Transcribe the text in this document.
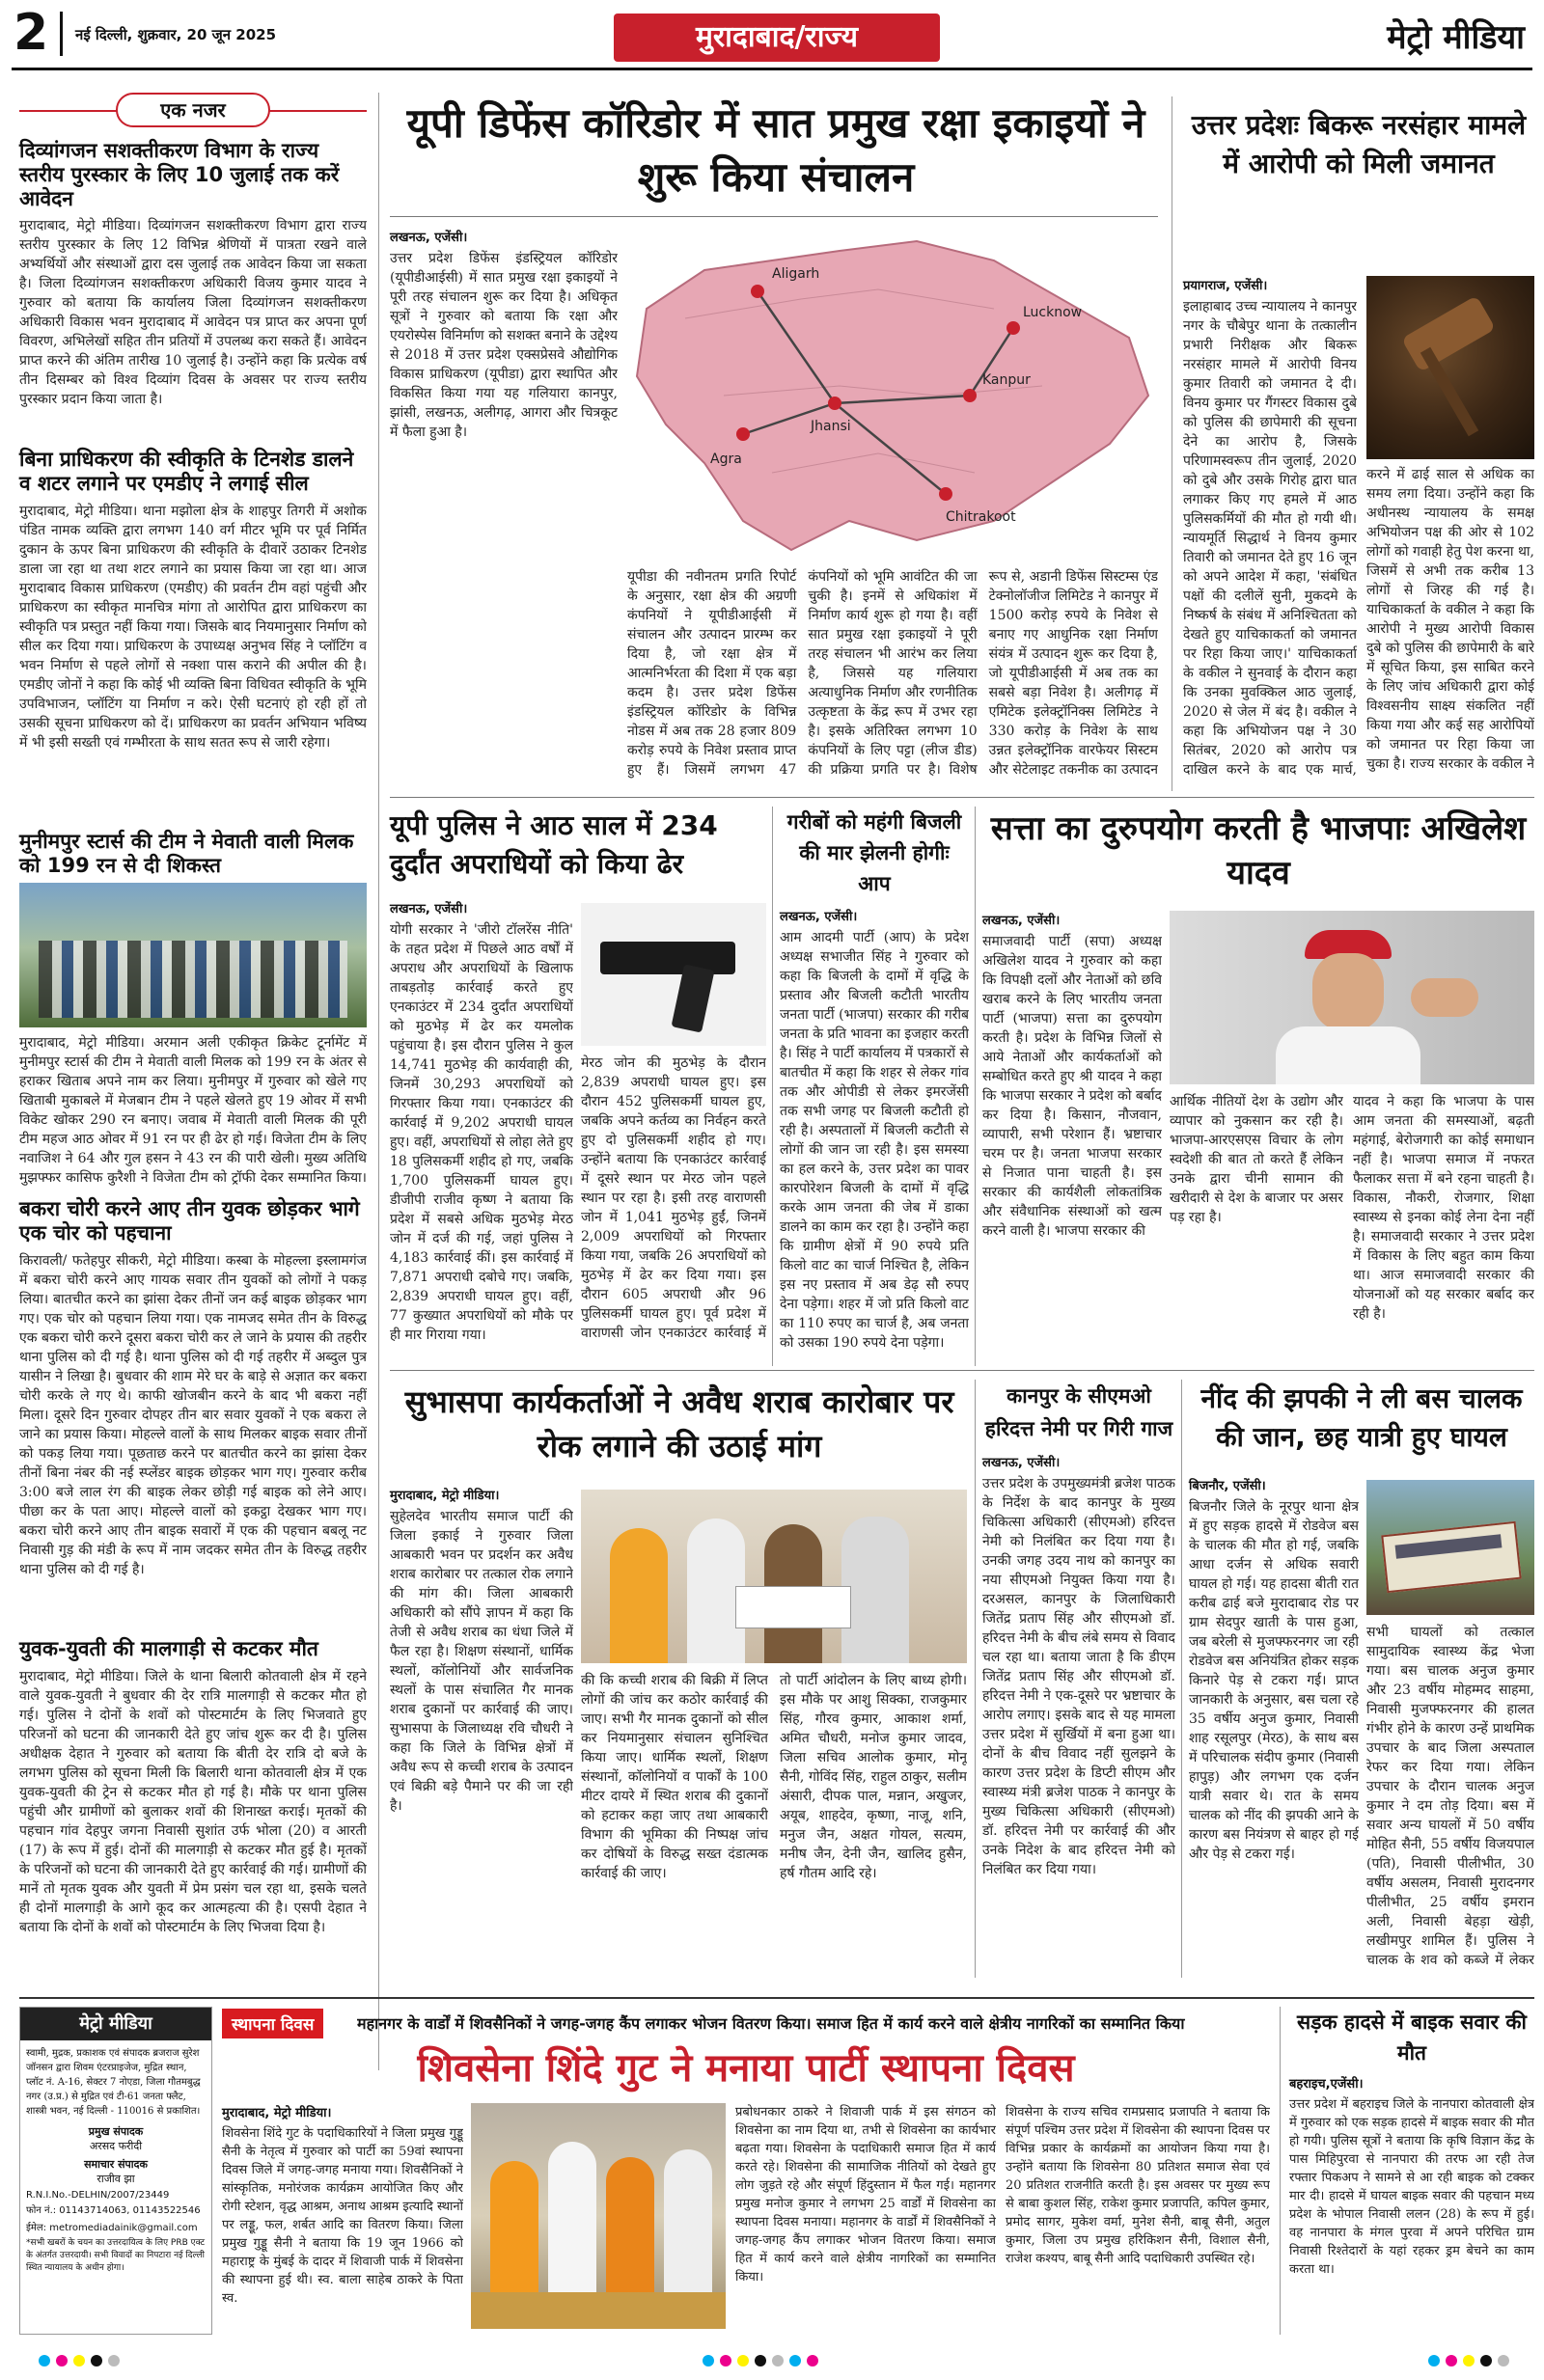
2 नई दिल्ली, शुक्रवार, 20 जून 2025	मुरादाबाद/राज्य	मेट्रो मीडिया
एक नजर
दिव्यांगजन सशक्तीकरण विभाग के राज्य स्तरीय पुरस्कार के लिए 10 जुलाई तक करें आवेदन
मुरादाबाद, मेट्रो मीडिया। दिव्यांगजन सशक्तीकरण विभाग द्वारा राज्य स्तरीय पुरस्कार के लिए 12 विभिन्न श्रेणियों में पात्रता रखने वाले अभ्यर्थियों और संस्थाओं द्वारा दस जुलाई तक आवेदन किया जा सकता है। जिला दिव्यांगजन सशक्तीकरण अधिकारी विजय कुमार यादव ने गुरुवार को बताया कि कार्यालय जिला दिव्यांगजन सशक्तीकरण अधिकारी विकास भवन मुरादाबाद में आवेदन पत्र प्राप्त कर अपना पूर्ण विवरण, अभिलेखों सहित तीन प्रतियों में उपलब्ध करा सकते हैं। आवेदन प्राप्त करने की अंतिम तारीख 10 जुलाई है। उन्होंने कहा कि प्रत्येक वर्ष तीन दिसम्बर को विश्व दिव्यांग दिवस के अवसर पर राज्य स्तरीय पुरस्कार प्रदान किया जाता है।
बिना प्राधिकरण की स्वीकृति के टिनशेड डालने व शटर लगाने पर एमडीए ने लगाई सील
मुरादाबाद, मेट्रो मीडिया। थाना मझोला क्षेत्र के शाहपुर तिगरी में अशोक पंडित नामक व्यक्ति द्वारा लगभग 140 वर्ग मीटर भूमि पर पूर्व निर्मित दुकान के ऊपर बिना प्राधिकरण की स्वीकृति के दीवारें उठाकर टिनशेड डाला जा रहा था तथा शटर लगाने का प्रयास किया जा रहा था। आज मुरादाबाद विकास प्राधिकरण (एमडीए) की प्रवर्तन टीम वहां पहुंची और प्राधिकरण का स्वीकृत मानचित्र मांगा तो आरोपित द्वारा प्राधिकरण का स्वीकृति पत्र प्रस्तुत नहीं किया गया। जिसके बाद नियमानुसार निर्माण को सील कर दिया गया। प्राधिकरण के उपाध्यक्ष अनुभव सिंह ने प्लॉटिंग व भवन निर्माण से पहले लोगों से नक्शा पास कराने की अपील की है। एमडीए जोनों ने कहा कि कोई भी व्यक्ति बिना विधिवत स्वीकृति के भूमि उपविभाजन, प्लॉटिंग या निर्माण न करे। ऐसी घटनाएं हो रही हों तो उसकी सूचना प्राधिकरण को दें। प्राधिकरण का प्रवर्तन अभियान भविष्य में भी इसी सख्ती एवं गम्भीरता के साथ सतत रूप से जारी रहेगा।
मुनीमपुर स्टार्स की टीम ने मेवाती वाली मिलक को 199 रन से दी शिकस्त
मुरादाबाद, मेट्रो मीडिया। अरमान अली एकीकृत क्रिकेट टूर्नामेंट में मुनीमपुर स्टार्स की टीम ने मेवाती वाली मिलक को 199 रन के अंतर से हराकर खिताब अपने नाम कर लिया। मुनीमपुर में गुरुवार को खेले गए खिताबी मुकाबले में मेजबान टीम ने पहले खेलते हुए 19 ओवर में सभी विकेट खोकर 290 रन बनाए। जवाब में मेवाती वाली मिलक की पूरी टीम महज आठ ओवर में 91 रन पर ही ढेर हो गई। विजेता टीम के लिए नवाजिश ने 64 और गुल हसन ने 43 रन की पारी खेली। मुख्य अतिथि मुझफ्फर कासिफ कुरैशी ने विजेता टीम को ट्रॉफी देकर सम्मानित किया।
बकरा चोरी करने आए तीन युवक छोड़कर भागे एक चोर को पहचाना
किरावली/ फतेहपुर सीकरी, मेट्रो मीडिया। कस्बा के मोहल्ला इस्लामगंज में बकरा चोरी करने आए गायक सवार तीन युवकों को लोगों ने पकड़ लिया। बातचीत करने का झांसा देकर तीनों जन कई बाइक छोड़कर भाग गए। एक चोर को पहचान लिया गया। एक नामजद समेत तीन के विरुद्ध एक बकरा चोरी करने दूसरा बकरा चोरी कर ले जाने के प्रयास की तहरीर थाना पुलिस को दी गई है। थाना पुलिस को दी गई तहरीर में अब्दुल पुत्र यासीन ने लिखा है। बुधवार की शाम मेरे घर के बाड़े से अज्ञात कर बकरा चोरी करके ले गए थे। काफी खोजबीन करने के बाद भी बकरा नहीं मिला। दूसरे दिन गुरुवार दोपहर तीन बार सवार युवकों ने एक बकरा ले जाने का प्रयास किया। मोहल्ले वालों के साथ मिलकर बाइक सवार तीनों को पकड़ लिया गया। पूछताछ करने पर बातचीत करने का झांसा देकर तीनों बिना नंबर की नई स्प्लेंडर बाइक छोड़कर भाग गए। गुरुवार करीब 3:00 बजे लाल रंग की बाइक लेकर छोड़ी गई बाइक को लेने आए। पीछा कर के पता आए। मोहल्ले वालों को इकट्ठा देखकर भाग गए। बकरा चोरी करने आए तीन बाइक सवारों में एक की पहचान बबलू नट निवासी गुड़ की मंडी के रूप में नाम जदकर समेत तीन के विरुद्ध तहरीर थाना पुलिस को दी गई है।
युवक-युवती की मालगाड़ी से कटकर मौत
मुरादाबाद, मेट्रो मीडिया। जिले के थाना बिलारी कोतवाली क्षेत्र में रहने वाले युवक-युवती ने बुधवार की देर रात्रि मालगाड़ी से कटकर मौत हो गई। पुलिस ने दोनों के शवों को पोस्टमार्टम के लिए भिजवाते हुए परिजनों को घटना की जानकारी देते हुए जांच शुरू कर दी है। पुलिस अधीक्षक देहात ने गुरुवार को बताया कि बीती देर रात्रि दो बजे के लगभग पुलिस को सूचना मिली कि बिलारी थाना कोतवाली क्षेत्र में एक युवक-युवती की ट्रेन से कटकर मौत हो गई है। मौके पर थाना पुलिस पहुंची और ग्रामीणों को बुलाकर शवों की शिनाख्त कराई। मृतकों की पहचान गांव देहपुर जगना निवासी सुशांत उर्फ भोला (20) व आरती (17) के रूप में हुई। दोनों की मालगाड़ी से कटकर मौत हुई है। मृतकों के परिजनों को घटना की जानकारी देते हुए कार्रवाई की गई। ग्रामीणों की मानें तो मृतक युवक और युवती में प्रेम प्रसंग चल रहा था, इसके चलते ही दोनों मालगाड़ी के आगे कूद कर आत्महत्या की है। एसपी देहात ने बताया कि दोनों के शवों को पोस्टमार्टम के लिए भिजवा दिया है।
यूपी डिफेंस कॉरिडोर में सात प्रमुख रक्षा इकाइयों ने शुरू किया संचालन
लखनऊ, एजेंसी।
उत्तर प्रदेश डिफेंस इंडस्ट्रियल कॉरिडोर (यूपीडीआईसी) में सात प्रमुख रक्षा इकाइयों ने पूरी तरह संचालन शुरू कर दिया है। अधिकृत सूत्रों ने गुरुवार को बताया कि रक्षा और एयरोस्पेस विनिर्माण को सशक्त बनाने के उद्देश्य से 2018 में उत्तर प्रदेश एक्सप्रेसवे औद्योगिक विकास प्राधिकरण (यूपीडा) द्वारा स्थापित और विकसित किया गया यह गलियारा कानपुर, झांसी, लखनऊ, अलीगढ़, आगरा और चित्रकूट में फैला हुआ है।
Aligarh
Lucknow
Kanpur
Agra
Jhansi
Chitrakoot
यूपीडा की नवीनतम प्रगति रिपोर्ट के अनुसार, रक्षा क्षेत्र की अग्रणी कंपनियों ने यूपीडीआईसी में संचालन और उत्पादन प्रारम्भ कर दिया है, जो रक्षा क्षेत्र में आत्मनिर्भरता की दिशा में एक बड़ा कदम है। उत्तर प्रदेश डिफेंस इंडस्ट्रियल कॉरिडोर के विभिन्न नोडस में अब तक 28 हजार 809 करोड़ रुपये के निवेश प्रस्ताव प्राप्त हुए हैं। जिसमें लगभग 47 कंपनियों को भूमि आवंटित की जा चुकी है। इनमें से अधिकांश में निर्माण कार्य शुरू हो गया है। वहीं सात प्रमुख रक्षा इकाइयों ने पूरी तरह संचालन भी आरंभ कर लिया है, जिससे यह गलियारा अत्याधुनिक निर्माण और रणनीतिक उत्कृष्टता के केंद्र रूप में उभर रहा है। इसके अतिरिक्त लगभग 10 कंपनियों के लिए पट्टा (लीज डीड) की प्रक्रिया प्रगति पर है। विशेष रूप से, अडानी डिफेंस सिस्टम्स एंड टेक्नोलॉजीज लिमिटेड ने कानपुर में 1500 करोड़ रुपये के निवेश से बनाए गए आधुनिक रक्षा निर्माण संयंत्र में उत्पादन शुरू कर दिया है, जो यूपीडीआईसी में अब तक का सबसे बड़ा निवेश है। अलीगढ़ में एमिटेक इलेक्ट्रॉनिक्स लिमिटेड ने 330 करोड़ के निवेश के साथ उन्नत इलेक्ट्रॉनिक वारफेयर सिस्टम और सेटेलाइट तकनीक का उत्पादन
उत्तर प्रदेशः बिकरू नरसंहार मामले में आरोपी को मिली जमानत
प्रयागराज, एजेंसी।
इलाहाबाद उच्च न्यायालय ने कानपुर नगर के चौबेपुर थाना के तत्कालीन प्रभारी निरीक्षक और बिकरू नरसंहार मामले में आरोपी विनय कुमार तिवारी को जमानत दे दी। विनय कुमार पर गैंगस्टर विकास दुबे को पुलिस की छापेमारी की सूचना देने का आरोप है, जिसके परिणामस्वरूप तीन जुलाई, 2020 को दुबे और उसके गिरोह द्वारा घात लगाकर किए गए हमले में आठ पुलिसकर्मियों की मौत हो गयी थी। न्यायमूर्ति सिद्धार्थ ने विनय कुमार तिवारी को जमानत देते हुए 16 जून को अपने आदेश में कहा, 'संबंधित पक्षों की दलीलें सुनी, मुकदमे के निष्कर्ष के संबंध में अनिश्चितता को देखते हुए याचिकाकर्ता को जमानत पर रिहा किया जाए।' याचिकाकर्ता के वकील ने सुनवाई के दौरान कहा कि उनका मुवक्किल आठ जुलाई, 2020 से जेल में बंद है। वकील ने कहा कि अभियोजन पक्ष ने 30 सितंबर, 2020 को आरोप पत्र दाखिल करने के बाद एक मार्च,
करने में ढाई साल से अधिक का समय लगा दिया। उन्होंने कहा कि अधीनस्थ न्यायालय के समक्ष अभियोजन पक्ष की ओर से 102 लोगों को गवाही हेतु पेश करना था, जिसमें से अभी तक करीब 13 लोगों से जिरह की गई है। याचिकाकर्ता के वकील ने कहा कि आरोपी ने मुख्य आरोपी विकास दुबे को पुलिस की छापेमारी के बारे में सूचित किया, इस साबित करने के लिए जांच अधिकारी द्वारा कोई विश्वसनीय साक्ष्य संकलित नहीं किया गया और कई सह आरोपियों को जमानत पर रिहा किया जा चुका है। राज्य सरकार के वकील ने
यूपी पुलिस ने आठ साल में 234 दुर्दांत अपराधियों को किया ढेर
लखनऊ, एजेंसी।
योगी सरकार ने 'जीरो टॉलरेंस नीति' के तहत प्रदेश में पिछले आठ वर्षों में अपराध और अपराधियों के खिलाफ ताबड़तोड़ कार्रवाई करते हुए एनकाउंटर में 234 दुर्दांत अपराधियों को मुठभेड़ में ढेर कर यमलोक पहुंचाया है। इस दौरान पुलिस ने कुल 14,741 मुठभेड़ की कार्यवाही की, जिनमें 30,293 अपराधियों को गिरफ्तार किया गया। एनकाउंटर की कार्रवाई में 9,202 अपराधी घायल हुए। वहीं, अपराधियों से लोहा लेते हुए 18 पुलिसकर्मी शहीद हो गए, जबकि 1,700 पुलिसकर्मी घायल हुए। डीजीपी राजीव कृष्ण ने बताया कि प्रदेश में सबसे अधिक मुठभेड़ मेरठ जोन में दर्ज की गई, जहां पुलिस ने 4,183 कार्रवाई कीं। इस कार्रवाई में 7,871 अपराधी दबोचे गए। जबकि, 2,839 अपराधी घायल हुए। वहीं, 77 कुख्यात अपराधियों को मौके पर ही मार गिराया गया।
मेरठ जोन की मुठभेड़ के दौरान 2,839 अपराधी घायल हुए। इस दौरान 452 पुलिसकर्मी घायल हुए, जबकि अपने कर्तव्य का निर्वहन करते हुए दो पुलिसकर्मी शहीद हो गए। उन्होंने बताया कि एनकाउंटर कार्रवाई में दूसरे स्थान पर मेरठ जोन पहले स्थान पर रहा है। इसी तरह वाराणसी जोन में 1,041 मुठभेड़ हुईं, जिनमें 2,009 अपराधियों को गिरफ्तार किया गया, जबकि 26 अपराधियों को मुठभेड़ में ढेर कर दिया गया। इस दौरान 605 अपराधी और 96 पुलिसकर्मी घायल हुए। पूर्व प्रदेश में वाराणसी जोन एनकाउंटर कार्रवाई में
गरीबों को महंगी बिजली की मार झेलनी होगीः आप
लखनऊ, एजेंसी।
आम आदमी पार्टी (आप) के प्रदेश अध्यक्ष सभाजीत सिंह ने गुरुवार को कहा कि बिजली के दामों में वृद्धि के प्रस्ताव और बिजली कटौती भारतीय जनता पार्टी (भाजपा) सरकार की गरीब जनता के प्रति भावना का इजहार करती है। सिंह ने पार्टी कार्यालय में पत्रकारों से बातचीत में कहा कि शहर से लेकर गांव तक और ओपीडी से लेकर इमरजेंसी तक सभी जगह पर बिजली कटौती हो रही है। अस्पतालों में बिजली कटौती से लोगों की जान जा रही है। इस समस्या का हल करने के, उत्तर प्रदेश का पावर कारपोरेशन बिजली के दामों में वृद्धि करके आम जनता की जेब में डाका डालने का काम कर रहा है। उन्होंने कहा कि ग्रामीण क्षेत्रों में 90 रुपये प्रति किलो वाट का चार्ज निश्चित है, लेकिन इस नए प्रस्ताव में अब डेढ़ सौ रुपए देना पड़ेगा। शहर में जो प्रति किलो वाट का 110 रुपए का चार्ज है, अब जनता को उसका 190 रुपये देना पड़ेगा।
सत्ता का दुरुपयोग करती है भाजपाः अखिलेश यादव
लखनऊ, एजेंसी।
समाजवादी पार्टी (सपा) अध्यक्ष अखिलेश यादव ने गुरुवार को कहा कि विपक्षी दलों और नेताओं को छवि खराब करने के लिए भारतीय जनता पार्टी (भाजपा) सत्ता का दुरुपयोग करती है। प्रदेश के विभिन्न जिलों से आये नेताओं और कार्यकर्ताओं को सम्बोधित करते हुए श्री यादव ने कहा कि भाजपा सरकार ने प्रदेश को बर्बाद कर दिया है। किसान, नौजवान, व्यापारी, सभी परेशान हैं। भ्रष्टाचार चरम पर है। जनता भाजपा सरकार से निजात पाना चाहती है। इस सरकार की कार्यशैली लोकतांत्रिक और संवैधानिक संस्थाओं को खत्म करने वाली है। भाजपा सरकार की
आर्थिक नीतियों देश के उद्योग और व्यापार को नुकसान कर रही है। भाजपा-आरएसएस विचार के लोग स्वदेशी की बात तो करते हैं लेकिन उनके द्वारा चीनी सामान की खरीदारी से देश के बाजार पर असर पड़ रहा है।
यादव ने कहा कि भाजपा के पास आम जनता की समस्याओं, बढ़ती महंगाई, बेरोजगारी का कोई समाधान नहीं है। भाजपा समाज में नफरत फैलाकर सत्ता में बने रहना चाहती है। विकास, नौकरी, रोजगार, शिक्षा स्वास्थ्य से इनका कोई लेना देना नहीं है। समाजवादी सरकार ने उत्तर प्रदेश में विकास के लिए बहुत काम किया था। आज समाजवादी सरकार की योजनाओं को यह सरकार बर्बाद कर रही है।
सुभासपा कार्यकर्ताओं ने अवैध शराब कारोबार पर रोक लगाने की उठाई मांग
मुरादाबाद, मेट्रो मीडिया।
सुहेलदेव भारतीय समाज पार्टी की जिला इकाई ने गुरुवार जिला आबकारी भवन पर प्रदर्शन कर अवैध शराब कारोबार पर तत्काल रोक लगाने की मांग की। जिला आबकारी अधिकारी को सौंपे ज्ञापन में कहा कि तेजी से अवैध शराब का धंधा जिले में फैल रहा है। शिक्षण संस्थानों, धार्मिक स्थलों, कॉलोनियों और सार्वजनिक स्थलों के पास संचालित गैर मानक शराब दुकानों पर कार्रवाई की जाए। सुभासपा के जिलाध्यक्ष रवि चौधरी ने कहा कि जिले के विभिन्न क्षेत्रों में अवैध रूप से कच्ची शराब के उत्पादन एवं बिक्री बड़े पैमाने पर की जा रही है।
की कि कच्ची शराब की बिक्री में लिप्त लोगों की जांच कर कठोर कार्रवाई की जाए। सभी गैर मानक दुकानों को सील कर नियमानुसार संचालन सुनिश्चित किया जाए। धार्मिक स्थलों, शिक्षण संस्थानों, कॉलोनियों व पार्कों के 100 मीटर दायरे में स्थित शराब की दुकानों को हटाकर कहा जाए तथा आबकारी विभाग की भूमिका की निष्पक्ष जांच कर दोषियों के विरुद्ध सख्त दंडात्मक कार्रवाई की जाए।
तो पार्टी आंदोलन के लिए बाध्य होगी। इस मौके पर आशु सिक्का, राजकुमार सिंह, गौरव कुमार, आकाश शर्मा, अमित चौधरी, मनोज कुमार जादव, जिला सचिव आलोक कुमार, मोनू सैनी, गोविंद सिंह, राहुल ठाकुर, सलीम अंसारी, दीपक पाल, मन्नान, अखुजर, अयूब, शाहदेव, कृष्णा, नाजू, शनि, मनुज जैन, अक्षत गोयल, सत्यम, मनीष जैन, देनी जैन, खालिद हुसैन, हर्ष गौतम आदि रहे।
कानपुर के सीएमओ हरिदत्त नेमी पर गिरी गाज
लखनऊ, एजेंसी।
उत्तर प्रदेश के उपमुख्यमंत्री ब्रजेश पाठक के निर्देश के बाद कानपुर के मुख्य चिकित्सा अधिकारी (सीएमओ) हरिदत्त नेमी को निलंबित कर दिया गया है। उनकी जगह उदय नाथ को कानपुर का नया सीएमओ नियुक्त किया गया है। दरअसल, कानपुर के जिलाधिकारी जितेंद्र प्रताप सिंह और सीएमओ डॉ. हरिदत्त नेमी के बीच लंबे समय से विवाद चल रहा था। बताया जाता है कि डीएम जितेंद्र प्रताप सिंह और सीएमओ डॉ. हरिदत्त नेमी ने एक-दूसरे पर भ्रष्टाचार के आरोप लगाए। इसके बाद से यह मामला उत्तर प्रदेश में सुर्खियों में बना हुआ था। दोनों के बीच विवाद नहीं सुलझने के कारण उत्तर प्रदेश के डिप्टी सीएम और स्वास्थ्य मंत्री ब्रजेश पाठक ने कानपुर के मुख्य चिकित्सा अधिकारी (सीएमओ) डॉ. हरिदत्त नेमी पर कार्रवाई की और उनके निदेश के बाद हरिदत्त नेमी को निलंबित कर दिया गया।
नींद की झपकी ने ली बस चालक की जान, छह यात्री हुए घायल
बिजनौर, एजेंसी।
बिजनौर जिले के नूरपुर थाना क्षेत्र में हुए सड़क हादसे में रोडवेज बस के चालक की मौत हो गई, जबकि आधा दर्जन से अधिक सवारी घायल हो गई। यह हादसा बीती रात करीब ढाई बजे मुरादाबाद रोड पर ग्राम सेदपुर खाती के पास हुआ, जब बरेली से मुजफ्फरनगर जा रही रोडवेज बस अनियंत्रित होकर सड़क किनारे पेड़ से टकरा गई। प्राप्त जानकारी के अनुसार, बस चला रहे 35 वर्षीय अनुज कुमार, निवासी शाह रसूलपुर (मेरठ), के साथ बस में परिचालक संदीप कुमार (निवासी हापुड़) और लगभग एक दर्जन यात्री सवार थे। रात के समय चालक को नींद की झपकी आने के कारण बस नियंत्रण से बाहर हो गई और पेड़ से टकरा गई।
सभी घायलों को तत्काल सामुदायिक स्वास्थ्य केंद्र भेजा गया। बस चालक अनुज कुमार और 23 वर्षीय मोहम्मद साहमा, निवासी मुजफ्फरनगर की हालत गंभीर होने के कारण उन्हें प्राथमिक उपचार के बाद जिला अस्पताल रेफर कर दिया गया। लेकिन उपचार के दौरान चालक अनुज कुमार ने दम तोड़ दिया। बस में सवार अन्य घायलों में 50 वर्षीय मोहित सैनी, 55 वर्षीय विजयपाल (पति), निवासी पीलीभीत, 30 वर्षीय असलम, निवासी मुरादनगर पीलीभीत, 25 वर्षीय इमरान अली, निवासी बेहड़ा खेड़ी, लखीमपुर शामिल हैं। पुलिस ने चालक के शव को कब्जे में लेकर
मेट्रो मीडिया
स्वामी, मुद्रक, प्रकाशक एवं संपादक ब्रजराज सुरेश जॉनसन द्वारा शिवम एंटरप्राइजेज, मुद्रित स्थान, प्लॉट नं. A-16, सेक्टर 7 नोएडा, जिला गौतमबुद्ध नगर (उ.प्र.) से मुद्रित एवं टी-61 जनता फ्लैट, शास्त्री भवन, नई दिल्ली - 110016 से प्रकाशित।
प्रमुख संपादक
अरसद फरीदी
समाचार संपादक
राजीव झा
R.N.I.No.-DELHIN/2007/23449
फोन नं.: 01143714063, 01143522546
ईमेल: metromediadainik@gmail.com
*सभी खबरों के चयन का उत्तरदायित्व के लिए PRB एक्ट के अंतर्गत उत्तरदायी। सभी विवादों का निपटारा नई दिल्ली स्थित न्यायालय के अधीन होगा।
स्थापना दिवस	महानगर के वार्डों में शिवसैनिकों ने जगह-जगह कैंप लगाकर भोजन वितरण किया। समाज हित में कार्य करने वाले क्षेत्रीय नागरिकों का सम्मानित किया
शिवसेना शिंदे गुट ने मनाया पार्टी स्थापना दिवस
मुरादाबाद, मेट्रो मीडिया।
शिवसेना शिंदे गुट के पदाधिकारियों ने जिला प्रमुख गुड्डू सैनी के नेतृत्व में गुरुवार को पार्टी का 59वां स्थापना दिवस जिले में जगह-जगह मनाया गया। शिवसैनिकों ने सांस्कृतिक, मनोरंजक कार्यक्रम आयोजित किए और रोगी स्टेशन, वृद्ध आश्रम, अनाथ आश्रम इत्यादि स्थानों पर लड्डू, फल, शर्बत आदि का वितरण किया। जिला प्रमुख गुड्डू सैनी ने बताया कि 19 जून 1966 को महाराष्ट्र के मुंबई के दादर में शिवाजी पार्क में शिवसेना की स्थापना हुई थी। स्व. बाला साहेब ठाकरे के पिता स्व.
प्रबोधनकार ठाकरे ने शिवाजी पार्क में इस संगठन को शिवसेना का नाम दिया था, तभी से शिवसेना का कार्यभार बढ़ता गया। शिवसेना के पदाधिकारी समाज हित में कार्य करते रहे। शिवसेना की सामाजिक नीतियों को देखते हुए लोग जुड़ते रहे और संपूर्ण हिंदुस्तान में फैल गई। महानगर प्रमुख मनोज कुमार ने लगभग 25 वार्डों में शिवसेना का स्थापना दिवस मनाया। महानगर के वार्डों में शिवसैनिकों ने जगह-जगह कैंप लगाकर भोजन वितरण किया। समाज हित में कार्य करने वाले क्षेत्रीय नागरिकों का सम्मानित किया।
शिवसेना के राज्य सचिव रामप्रसाद प्रजापति ने बताया कि संपूर्ण पश्चिम उत्तर प्रदेश में शिवसेना की स्थापना दिवस पर विभिन्न प्रकार के कार्यक्रमों का आयोजन किया गया है। उन्होंने बताया कि शिवसेना 80 प्रतिशत समाज सेवा एवं 20 प्रतिशत राजनीति करती है। इस अवसर पर मुख्य रूप से बाबा कुशल सिंह, राकेश कुमार प्रजापति, कपिल कुमार, प्रमोद सागर, मुकेश वर्मा, मुनेश सैनी, बाबू सैनी, अतुल कुमार, जिला उप प्रमुख हरिकिशन सैनी, विशाल सैनी, राजेश कश्यप, बाबू सैनी आदि पदाधिकारी उपस्थित रहे।
सड़क हादसे में बाइक सवार की मौत
बहराइच,एजेंसी।
उत्तर प्रदेश में बहराइच जिले के नानपारा कोतवाली क्षेत्र में गुरुवार को एक सड़क हादसे में बाइक सवार की मौत हो गयी। पुलिस सूत्रों ने बताया कि कृषि विज्ञान केंद्र के पास मिहिपुरवा से नानपारा की तरफ आ रही तेज रफ्तार पिकअप ने सामने से आ रही बाइक को टक्कर मार दी। हादसे में घायल बाइक सवार की पहचान मध्य प्रदेश के भोपाल निवासी ललन (28) के रूप में हुई। वह नानपारा के मंगल पुरवा में अपने परिचित ग्राम निवासी रिश्तेदारों के यहां रहकर ड्रम बेचने का काम करता था।
